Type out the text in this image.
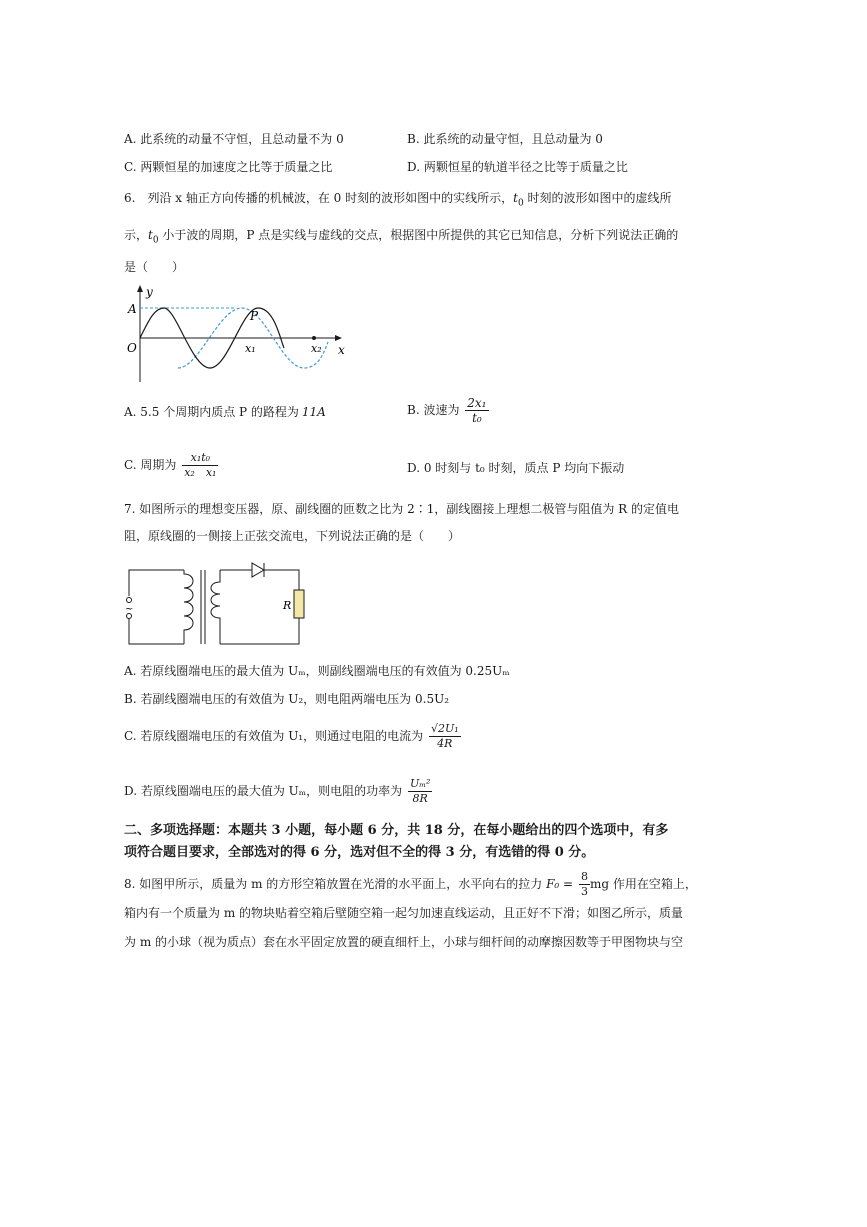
A. 此系统的动量不守恒，且总动量不为 0	B. 此系统的动量守恒，且总动量为 0
C. 两颗恒星的加速度之比等于质量之比	D. 两颗恒星的轨道半径之比等于质量之比
6.　列沿 x 轴正方向传播的机械波，在 0 时刻的波形如图中的实线所示，$t_0$ 时刻的波形如图中的虚线所
示，$t_0$ 小于波的周期，P 点是实线与虚线的交点，根据图中所提供的其它已知信息，分析下列说法正确的
是（　　）
y
A
O
P
x₁	x₂ x
A. 5.5 个周期内质点 P 的路程为 11A	B. 波速为 $\frac{\text{2x₁}}{\text{t₀}}$
C. 周期为 $\frac{\text{x₁t₀}}{\text{x₂　x₁}}$	D. 0 时刻与 t₀ 时刻，质点 P 均向下振动
7. 如图所示的理想变压器，原、副线圈的匝数之比为 2∶1，副线圈接上理想二极管与阻值为 R 的定值电
阻，原线圈的一侧接上正弦交流电，下列说法正确的是（　　）
~	R
A. 若原线圈端电压的最大值为 Uₘ，则副线圈端电压的有效值为 0.25Uₘ
B. 若副线圈端电压的有效值为 U₂，则电阻两端电压为 0.5U₂
C. 若原线圈端电压的有效值为 U₁，则通过电阻的电流为 $\frac{\text{√2U₁}}{4R}$
D. 若原线圈端电压的最大值为 Uₘ，则电阻的功率为 $\frac{\text{Uₘ²}}{8R}$
二、多项选择题：本题共 3 小题，每小题 6 分，共 18 分，在每小题给出的四个选项中，有多
项符合题目要求，全部选对的得 6 分，选对但不全的得 3 分，有选错的得 0 分。
8. 如图甲所示，质量为 m 的方形空箱放置在光滑的水平面上，水平向右的拉力 $F_0 = \frac{8}{3}$ mg 作用在空箱上，
箱内有一个质量为 m 的物块贴着空箱后壁随空箱一起匀加速直线运动，且正好不下滑；如图乙所示，质量
为 m 的小球（视为质点）套在水平固定放置的硬直细杆上，小球与细杆间的动摩擦因数等于甲图物块与空
